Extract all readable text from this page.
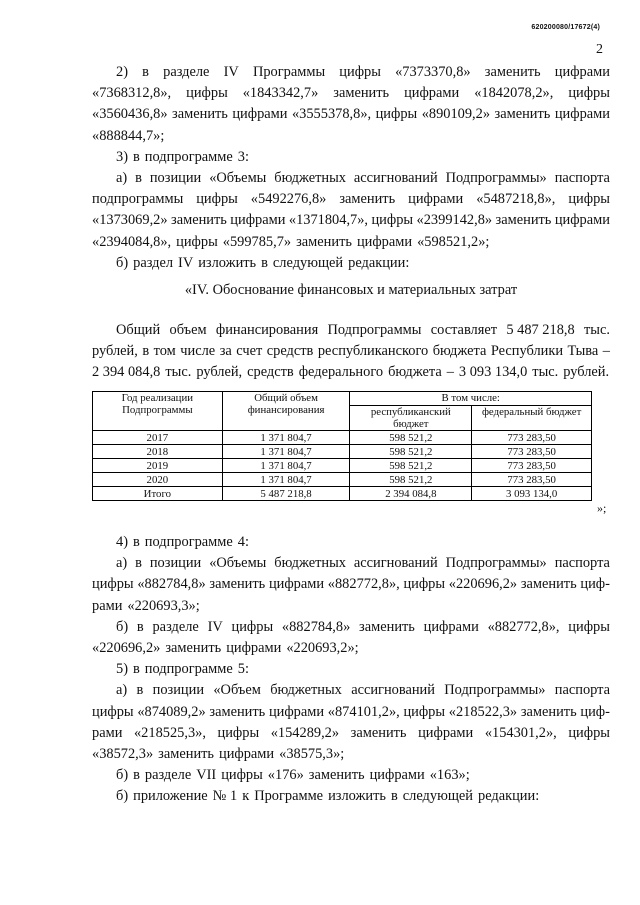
620200080/17672(4)
2
2) в разделе IV Программы цифры «7373370,8» заменить цифрами
«7368312,8», цифры «1843342,7» заменить цифрами «1842078,2», цифры
«3560436,8» заменить цифрами «3555378,8», цифры «890109,2» заменить цифрами
«888844,7»;
3) в подпрограмме 3:
а) в позиции «Объемы бюджетных ассигнований Подпрограммы» паспорта
подпрограммы цифры «5492276,8» заменить цифрами «5487218,8», цифры
«1373069,2» заменить цифрами «1371804,7», цифры «2399142,8» заменить цифрами
«2394084,8», цифры «599785,7» заменить цифрами «598521,2»;
б) раздел IV изложить в следующей редакции:
«IV. Обоснование финансовых и материальных затрат
Общий объем финансирования Подпрограммы составляет 5 487 218,8 тыс.
рублей, в том числе за счет средств республиканского бюджета Республики Тыва –
2 394 084,8 тыс. рублей, средств федерального бюджета – 3 093 134,0 тыс. рублей.
Год реализации Подпрограммы	Общий объем финансирования	В том числе:	
		республиканский бюджет	федеральный бюджет
2017	1 371 804,7	598 521,2	773 283,50
2018	1 371 804,7	598 521,2	773 283,50
2019	1 371 804,7	598 521,2	773 283,50
2020	1 371 804,7	598 521,2	773 283,50
Итого	5 487 218,8	2 394 084,8	3 093 134,0
»;
4) в подпрограмме 4:
а) в позиции «Объемы бюджетных ассигнований Подпрограммы» паспорта
цифры «882784,8» заменить цифрами «882772,8», цифры «220696,2» заменить циф-
рами «220693,3»;
б) в разделе IV цифры «882784,8» заменить цифрами «882772,8», цифры
«220696,2» заменить цифрами «220693,2»;
5) в подпрограмме 5:
а) в позиции «Объем бюджетных ассигнований Подпрограммы» паспорта
цифры «874089,2» заменить цифрами «874101,2», цифры «218522,3» заменить циф-
рами «218525,3», цифры «154289,2» заменить цифрами «154301,2», цифры
«38572,3» заменить цифрами «38575,3»;
б) в разделе VII цифры «176» заменить цифрами «163»;
б) приложение № 1 к Программе изложить в следующей редакции:
